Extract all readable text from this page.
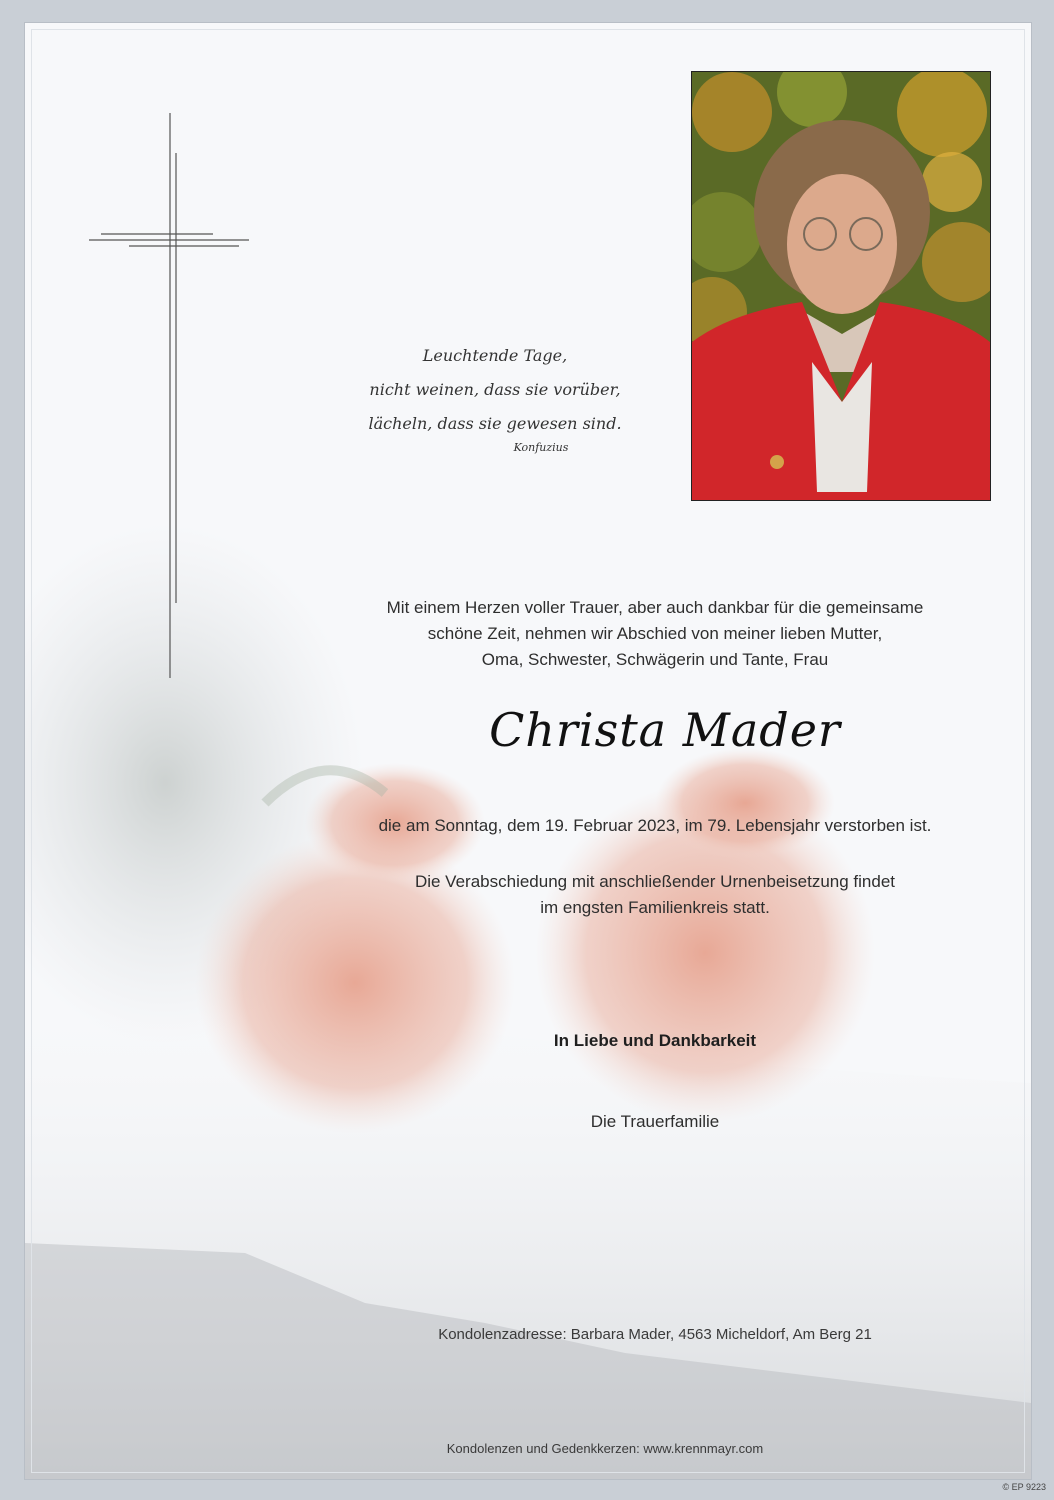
Leuchtende Tage,
nicht weinen, dass sie vorüber,
lächeln, dass sie gewesen sind.
Konfuzius
Mit einem Herzen voller Trauer, aber auch dankbar für die gemeinsame
schöne Zeit, nehmen wir Abschied von meiner lieben Mutter,
Oma, Schwester, Schwägerin und Tante, Frau
Christa Mader
die am Sonntag, dem 19. Februar 2023, im 79. Lebensjahr verstorben ist.
Die Verabschiedung mit anschließender Urnenbeisetzung findet
im engsten Familienkreis statt.
In Liebe und Dankbarkeit
Die Trauerfamilie
Kondolenzadresse: Barbara Mader, 4563 Micheldorf, Am Berg 21
Kondolenzen und Gedenkkerzen: www.krennmayr.com
© EP 9223
